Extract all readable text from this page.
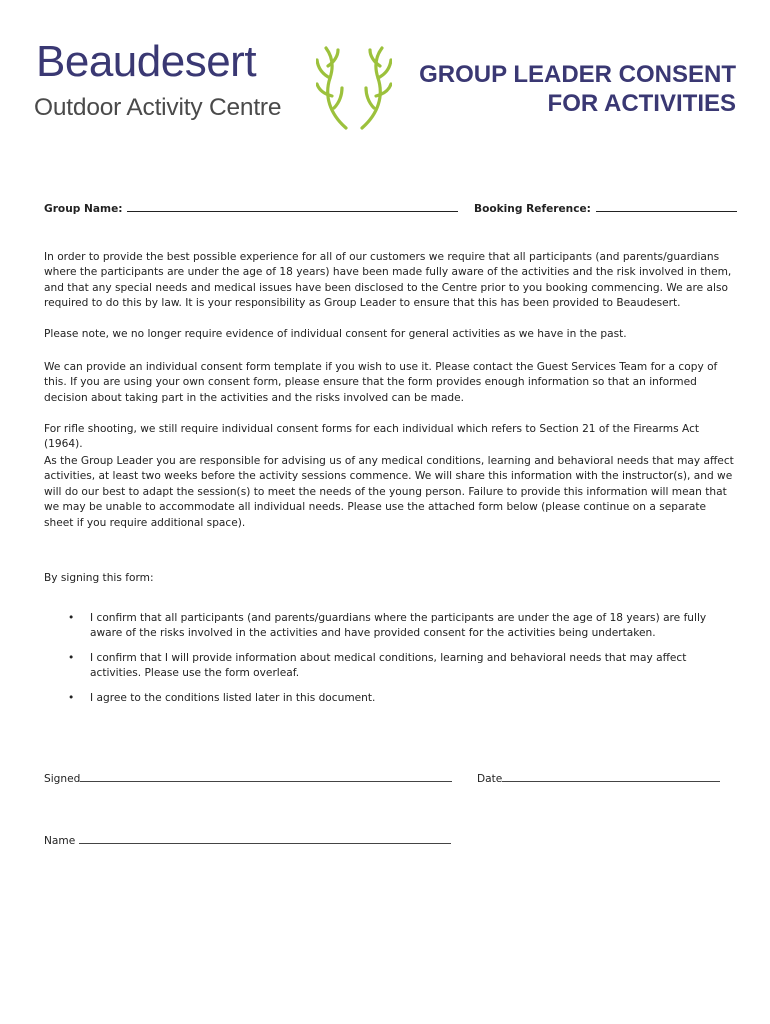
Beaudesert
Outdoor Activity Centre
GROUP LEADER CONSENT
FOR ACTIVITIES
Group Name:	Booking Reference:

In order to provide the best possible experience for all of our customers we require that all participants (and parents/guardians where the participants are under the age of 18 years) have been made fully aware of the activities and the risk involved in them, and that any special needs and medical issues have been disclosed to the Centre prior to you booking commencing. We are also required to do this by law. It is your responsibility as Group Leader to ensure that this has been provided to Beaudesert.

Please note, we no longer require evidence of individual consent for general activities as we have in the past.

We can provide an individual consent form template if you wish to use it. Please contact the Guest Services Team for a copy of this. If you are using your own consent form, please ensure that the form provides enough information so that an informed decision about taking part in the activities and the risks involved can be made.

For rifle shooting, we still require individual consent forms for each individual which refers to Section 21 of the Firearms Act (1964).

As the Group Leader you are responsible for advising us of any medical conditions, learning and behavioral needs that may affect activities, at least two weeks before the activity sessions commence. We will share this information with the instructor(s), and we will do our best to adapt the session(s) to meet the needs of the young person. Failure to provide this information will mean that we may be unable to accommodate all individual needs. Please use the attached form below (please continue on a separate sheet if you require additional space).

By signing this form:

• I confirm that all participants (and parents/guardians where the participants are under the age of 18 years) are fully aware of the risks involved in the activities and have provided consent for the activities being undertaken.
• I confirm that I will provide information about medical conditions, learning and behavioral needs that may affect activities. Please use the form overleaf.
• I agree to the conditions listed later in this document.
Signed	Date
Name
